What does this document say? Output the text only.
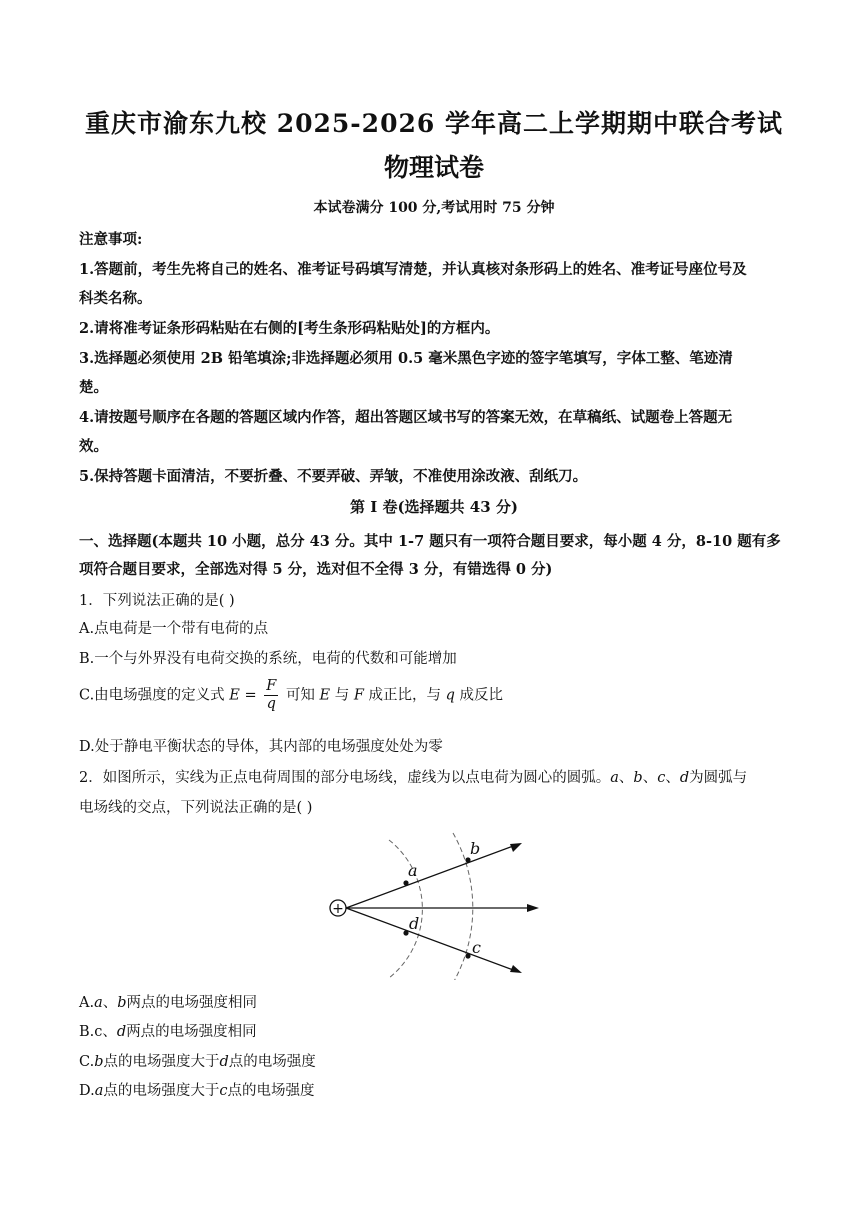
重庆市渝东九校 2025-2026 学年高二上学期期中联合考试
物理试卷
本试卷满分 100 分,考试用时 75 分钟
注意事项:
1.答题前，考生先将自己的姓名、准考证号码填写清楚，并认真核对条形码上的姓名、准考证号座位号及
科类名称。
2.请将准考证条形码粘贴在右侧的[考生条形码粘贴处]的方框内。
3.选择题必须使用 2B 铅笔填涂;非选择题必须用 0.5 毫米黑色字迹的签字笔填写，字体工整、笔迹清
楚。
4.请按题号顺序在各题的答题区域内作答，超出答题区域书写的答案无效，在草稿纸、试题卷上答题无
效。
5.保持答题卡面清洁，不要折叠、不要弄破、弄皱，不准使用涂改液、刮纸刀。
第 I 卷(选择题共 43 分)
一、选择题(本题共 10 小题，总分 43 分。其中 1-7 题只有一项符合题目要求，每小题 4 分，8-10 题有多
项符合题目要求，全部选对得 5 分，选对但不全得 3 分，有错选得 0 分)
1．下列说法正确的是( )
A.点电荷是一个带有电荷的点
B.一个与外界没有电荷交换的系统，电荷的代数和可能增加
C.由电场强度的定义式 $E = \frac{F}{q}$ 可知 E 与 F 成正比，与 q 成反比
D.处于静电平衡状态的导体，其内部的电场强度处处为零
2．如图所示，实线为正点电荷周围的部分电场线，虚线为以点电荷为圆心的圆弧。a、b、c、d为圆弧与
电场线的交点，下列说法正确的是( )
+
a
b
d
c
A.a、b两点的电场强度相同
B.c、d两点的电场强度相同
C.b点的电场强度大于d点的电场强度
D.a点的电场强度大于c点的电场强度
